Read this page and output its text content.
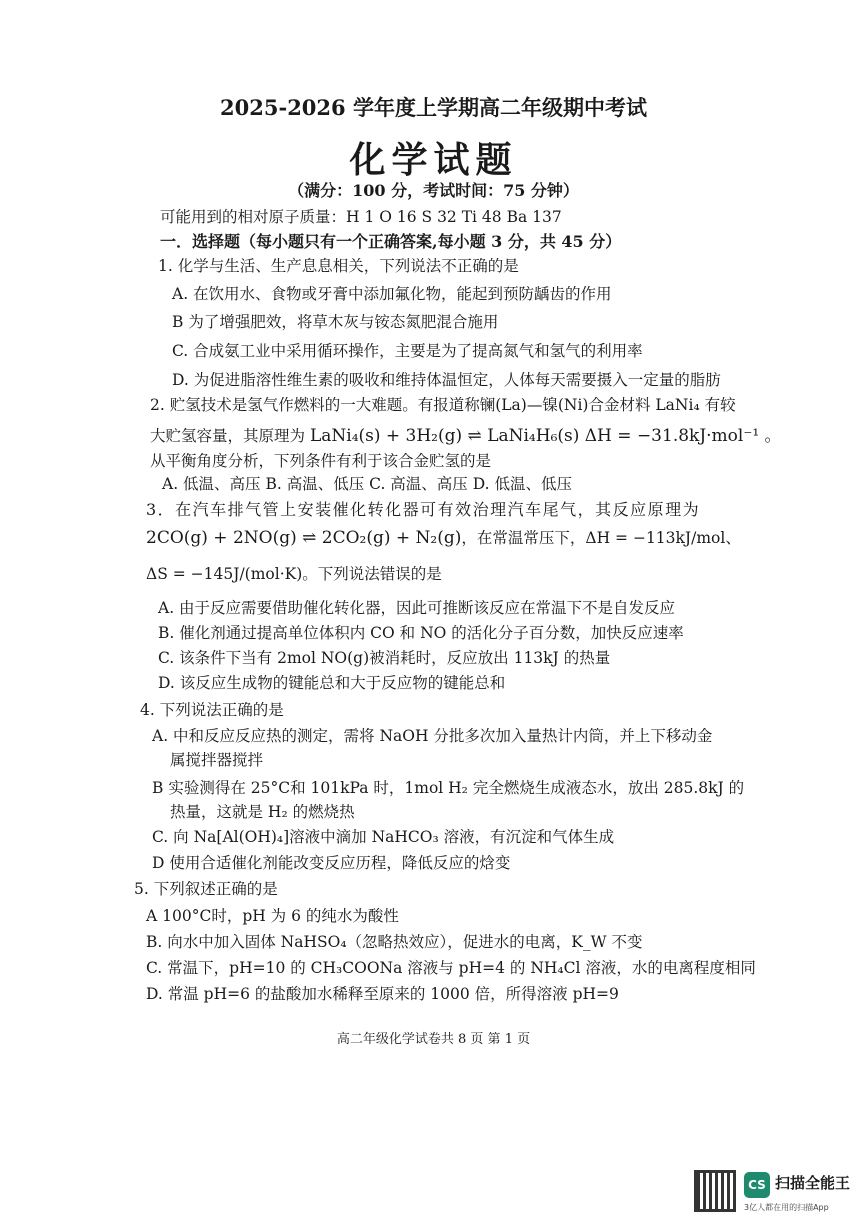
2025-2026 学年度上学期高二年级期中考试
化学试题
（满分：100 分，考试时间：75 分钟）
可能用到的相对原子质量：H 1 O 16 S 32 Ti 48 Ba 137
一．选择题（每小题只有一个正确答案,每小题 3 分，共 45 分）
1. 化学与生活、生产息息相关，下列说法不正确的是
A. 在饮用水、食物或牙膏中添加氟化物，能起到预防龋齿的作用
B 为了增强肥效，将草木灰与铵态氮肥混合施用
C. 合成氨工业中采用循环操作，主要是为了提高氮气和氢气的利用率
D. 为促进脂溶性维生素的吸收和维持体温恒定，人体每天需要摄入一定量的脂肪
2. 贮氢技术是氢气作燃料的一大难题。有报道称镧(La)—镍(Ni)合金材料 LaNi₄ 有较
大贮氢容量，其原理为 LaNi₄(s) + 3H₂(g) ⇌ LaNi₄H₆(s) ΔH = −31.8kJ·mol⁻¹ 。
从平衡角度分析，下列条件有利于该合金贮氢的是
A. 低温、高压 B. 高温、低压 C. 高温、高压 D. 低温、低压
3．在汽车排气管上安装催化转化器可有效治理汽车尾气，其反应原理为
2CO(g) + 2NO(g) ⇌ 2CO₂(g) + N₂(g)，在常温常压下，ΔH = −113kJ/mol、
ΔS = −145J/(mol·K)。下列说法错误的是
A. 由于反应需要借助催化转化器，因此可推断该反应在常温下不是自发反应
B. 催化剂通过提高单位体积内 CO 和 NO 的活化分子百分数，加快反应速率
C. 该条件下当有 2mol NO(g)被消耗时，反应放出 113kJ 的热量
D. 该反应生成物的键能总和大于反应物的键能总和
4. 下列说法正确的是
A. 中和反应反应热的测定，需将 NaOH 分批多次加入量热计内筒，并上下移动金
属搅拌器搅拌
B 实验测得在 25°C和 101kPa 时，1mol H₂ 完全燃烧生成液态水，放出 285.8kJ 的
热量，这就是 H₂ 的燃烧热
C. 向 Na[Al(OH)₄]溶液中滴加 NaHCO₃ 溶液，有沉淀和气体生成
D 使用合适催化剂能改变反应历程，降低反应的焓变
5. 下列叙述正确的是
A 100°C时，pH 为 6 的纯水为酸性
B. 向水中加入固体 NaHSO₄（忽略热效应），促进水的电离，K_W 不变
C. 常温下，pH=10 的 CH₃COONa 溶液与 pH=4 的 NH₄Cl 溶液，水的电离程度相同
D. 常温 pH=6 的盐酸加水稀释至原来的 1000 倍，所得溶液 pH=9
高二年级化学试卷共 8 页 第 1 页
CS 扫描全能王
3亿人都在用的扫描App
